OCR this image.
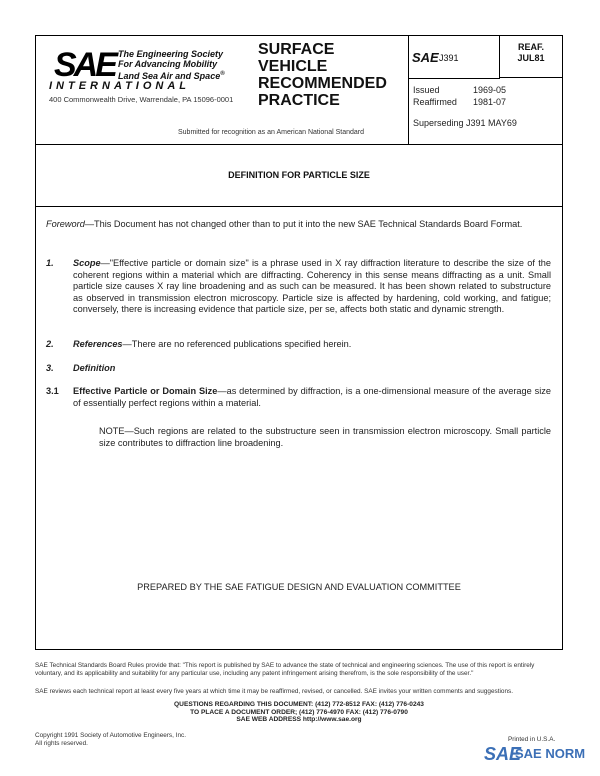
SAE The Engineering Society
For Advancing Mobility
Land Sea Air and Space®
INTERNATIONAL
400 Commonwealth Drive, Warrendale, PA 15096-0001
SURFACE
VEHICLE
RECOMMENDED
PRACTICE
SAE J391
REAF.
JUL81
Issued	1969-05
Reaffirmed 1981-07
Superseding J391 MAY69
Submitted for recognition as an American National Standard
DEFINITION FOR PARTICLE SIZE
Foreword—This Document has not changed other than to put it into the new SAE Technical Standards Board Format.
1. Scope—"Effective particle or domain size" is a phrase used in X ray diffraction literature to describe the size of the coherent regions within a material which are diffracting. Coherency in this sense means diffracting as a unit. Small particle size causes X ray line broadening and as such can be measured. It has been shown related to substructure as observed in transmission electron microscopy. Particle size is affected by hardening, cold working, and fatigue; conversely, there is increasing evidence that particle size, per se, affects both static and dynamic strength.
2. References—There are no referenced publications specified herein.
3. Definition
3.1 Effective Particle or Domain Size—as determined by diffraction, is a one-dimensional measure of the average size of essentially perfect regions within a material.
NOTE—Such regions are related to the substructure seen in transmission electron microscopy. Small particle size contributes to diffraction line broadening.
PREPARED BY THE SAE FATIGUE DESIGN AND EVALUATION COMMITTEE
SAE Technical Standards Board Rules provide that: "This report is published by SAE to advance the state of technical and engineering sciences. The use of this report is entirely voluntary, and its applicability and suitability for any particular use, including any patent infringement arising therefrom, is the sole responsibility of the user."
SAE reviews each technical report at least every five years at which time it may be reaffirmed, revised, or cancelled. SAE invites your written comments and suggestions.
QUESTIONS REGARDING THIS DOCUMENT: (412) 772-8512 FAX: (412) 776-0243
TO PLACE A DOCUMENT ORDER; (412) 776-4970 FAX: (412) 776-0790
SAE WEB ADDRESS http://www.sae.org
Copyright 1991 Society of Automotive Engineers, Inc.
All rights reserved.
Printed in U.S.A.
SAE
SAE NORM
